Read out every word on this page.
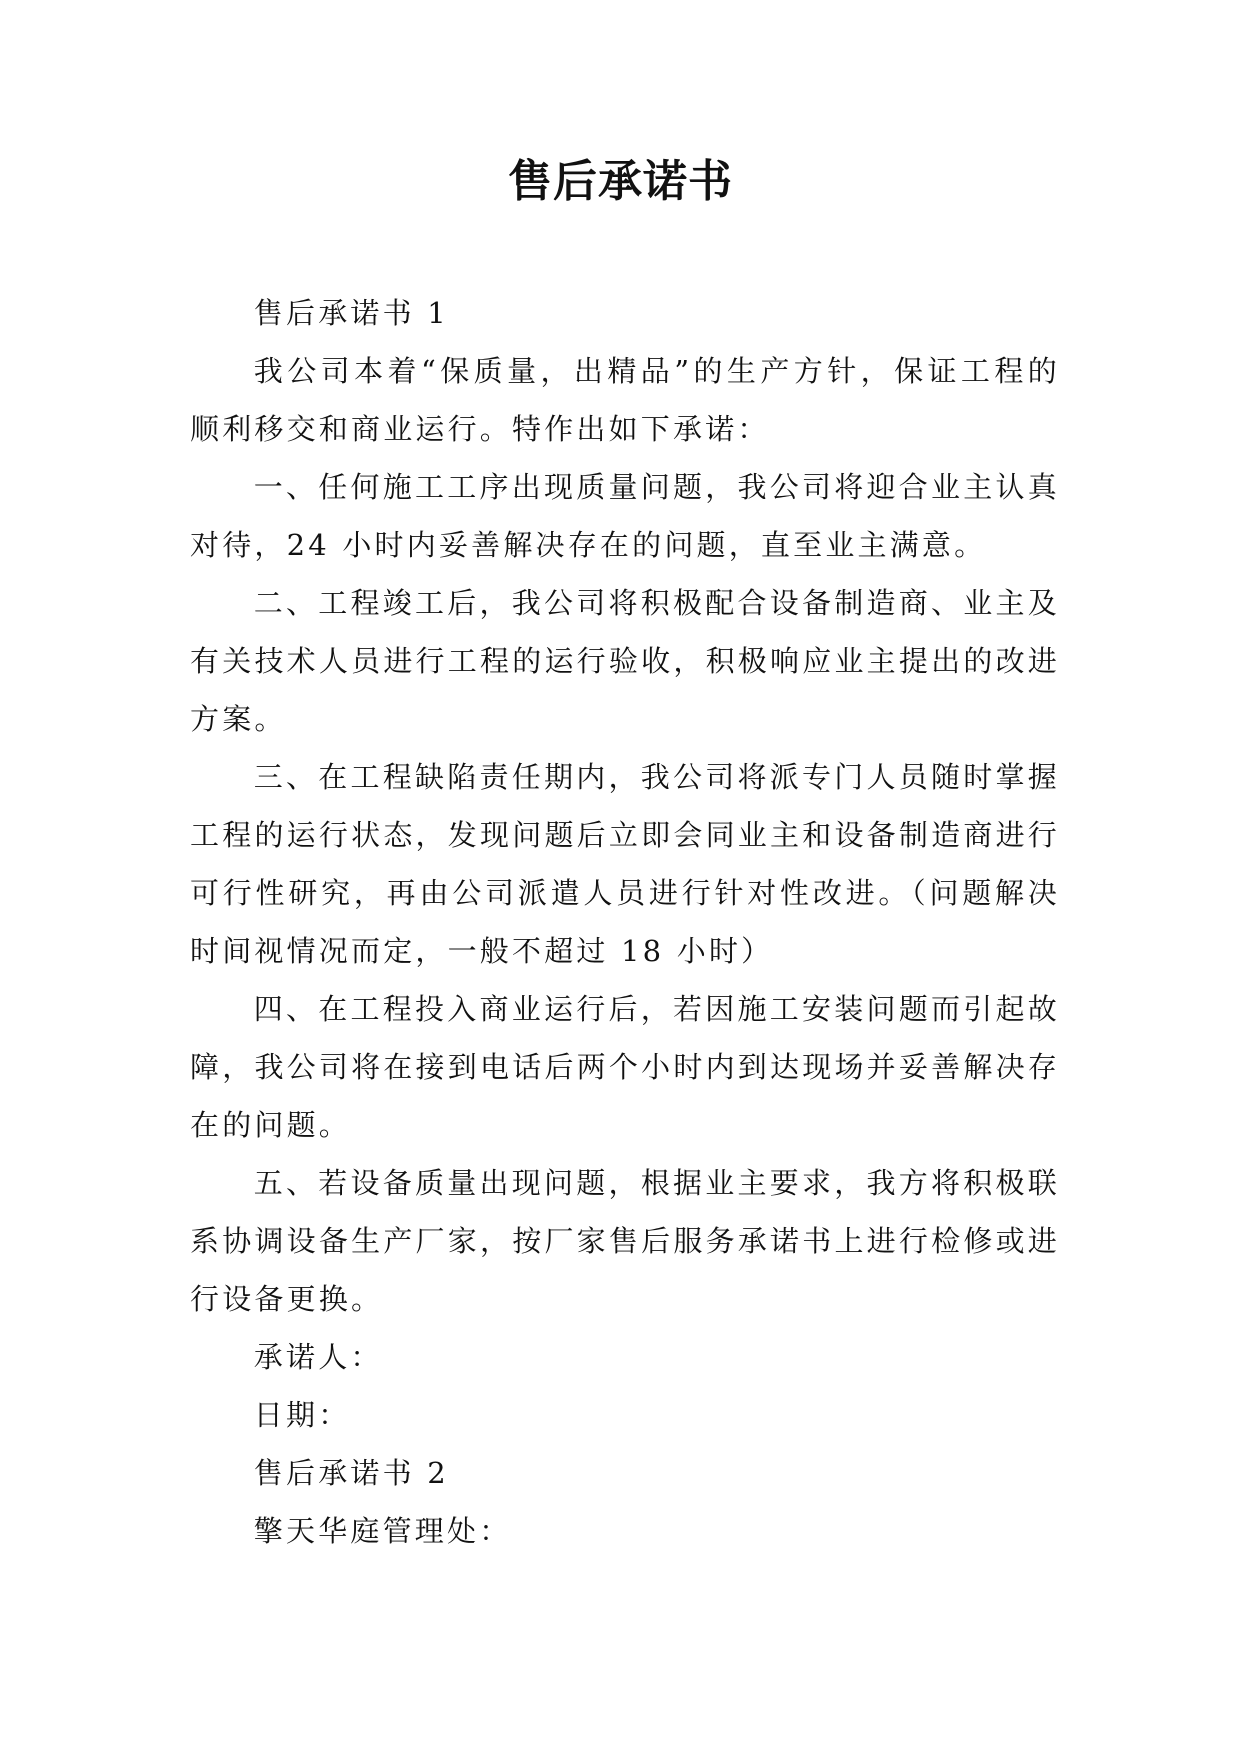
售后承诺书

售后承诺书 1

我公司本着“保质量，出精品”的生产方针，保证工程的顺利移交和商业运行。特作出如下承诺：

一、任何施工工序出现质量问题，我公司将迎合业主认真对待，24 小时内妥善解决存在的问题，直至业主满意。

二、工程竣工后，我公司将积极配合设备制造商、业主及有关技术人员进行工程的运行验收，积极响应业主提出的改进方案。

三、在工程缺陷责任期内，我公司将派专门人员随时掌握工程的运行状态，发现问题后立即会同业主和设备制造商进行可行性研究，再由公司派遣人员进行针对性改进。（问题解决时间视情况而定，一般不超过 18 小时）

四、在工程投入商业运行后，若因施工安装问题而引起故障，我公司将在接到电话后两个小时内到达现场并妥善解决存在的问题。

五、若设备质量出现问题，根据业主要求，我方将积极联系协调设备生产厂家，按厂家售后服务承诺书上进行检修或进行设备更换。

承诺人：

日期：

售后承诺书 2

擎天华庭管理处：
